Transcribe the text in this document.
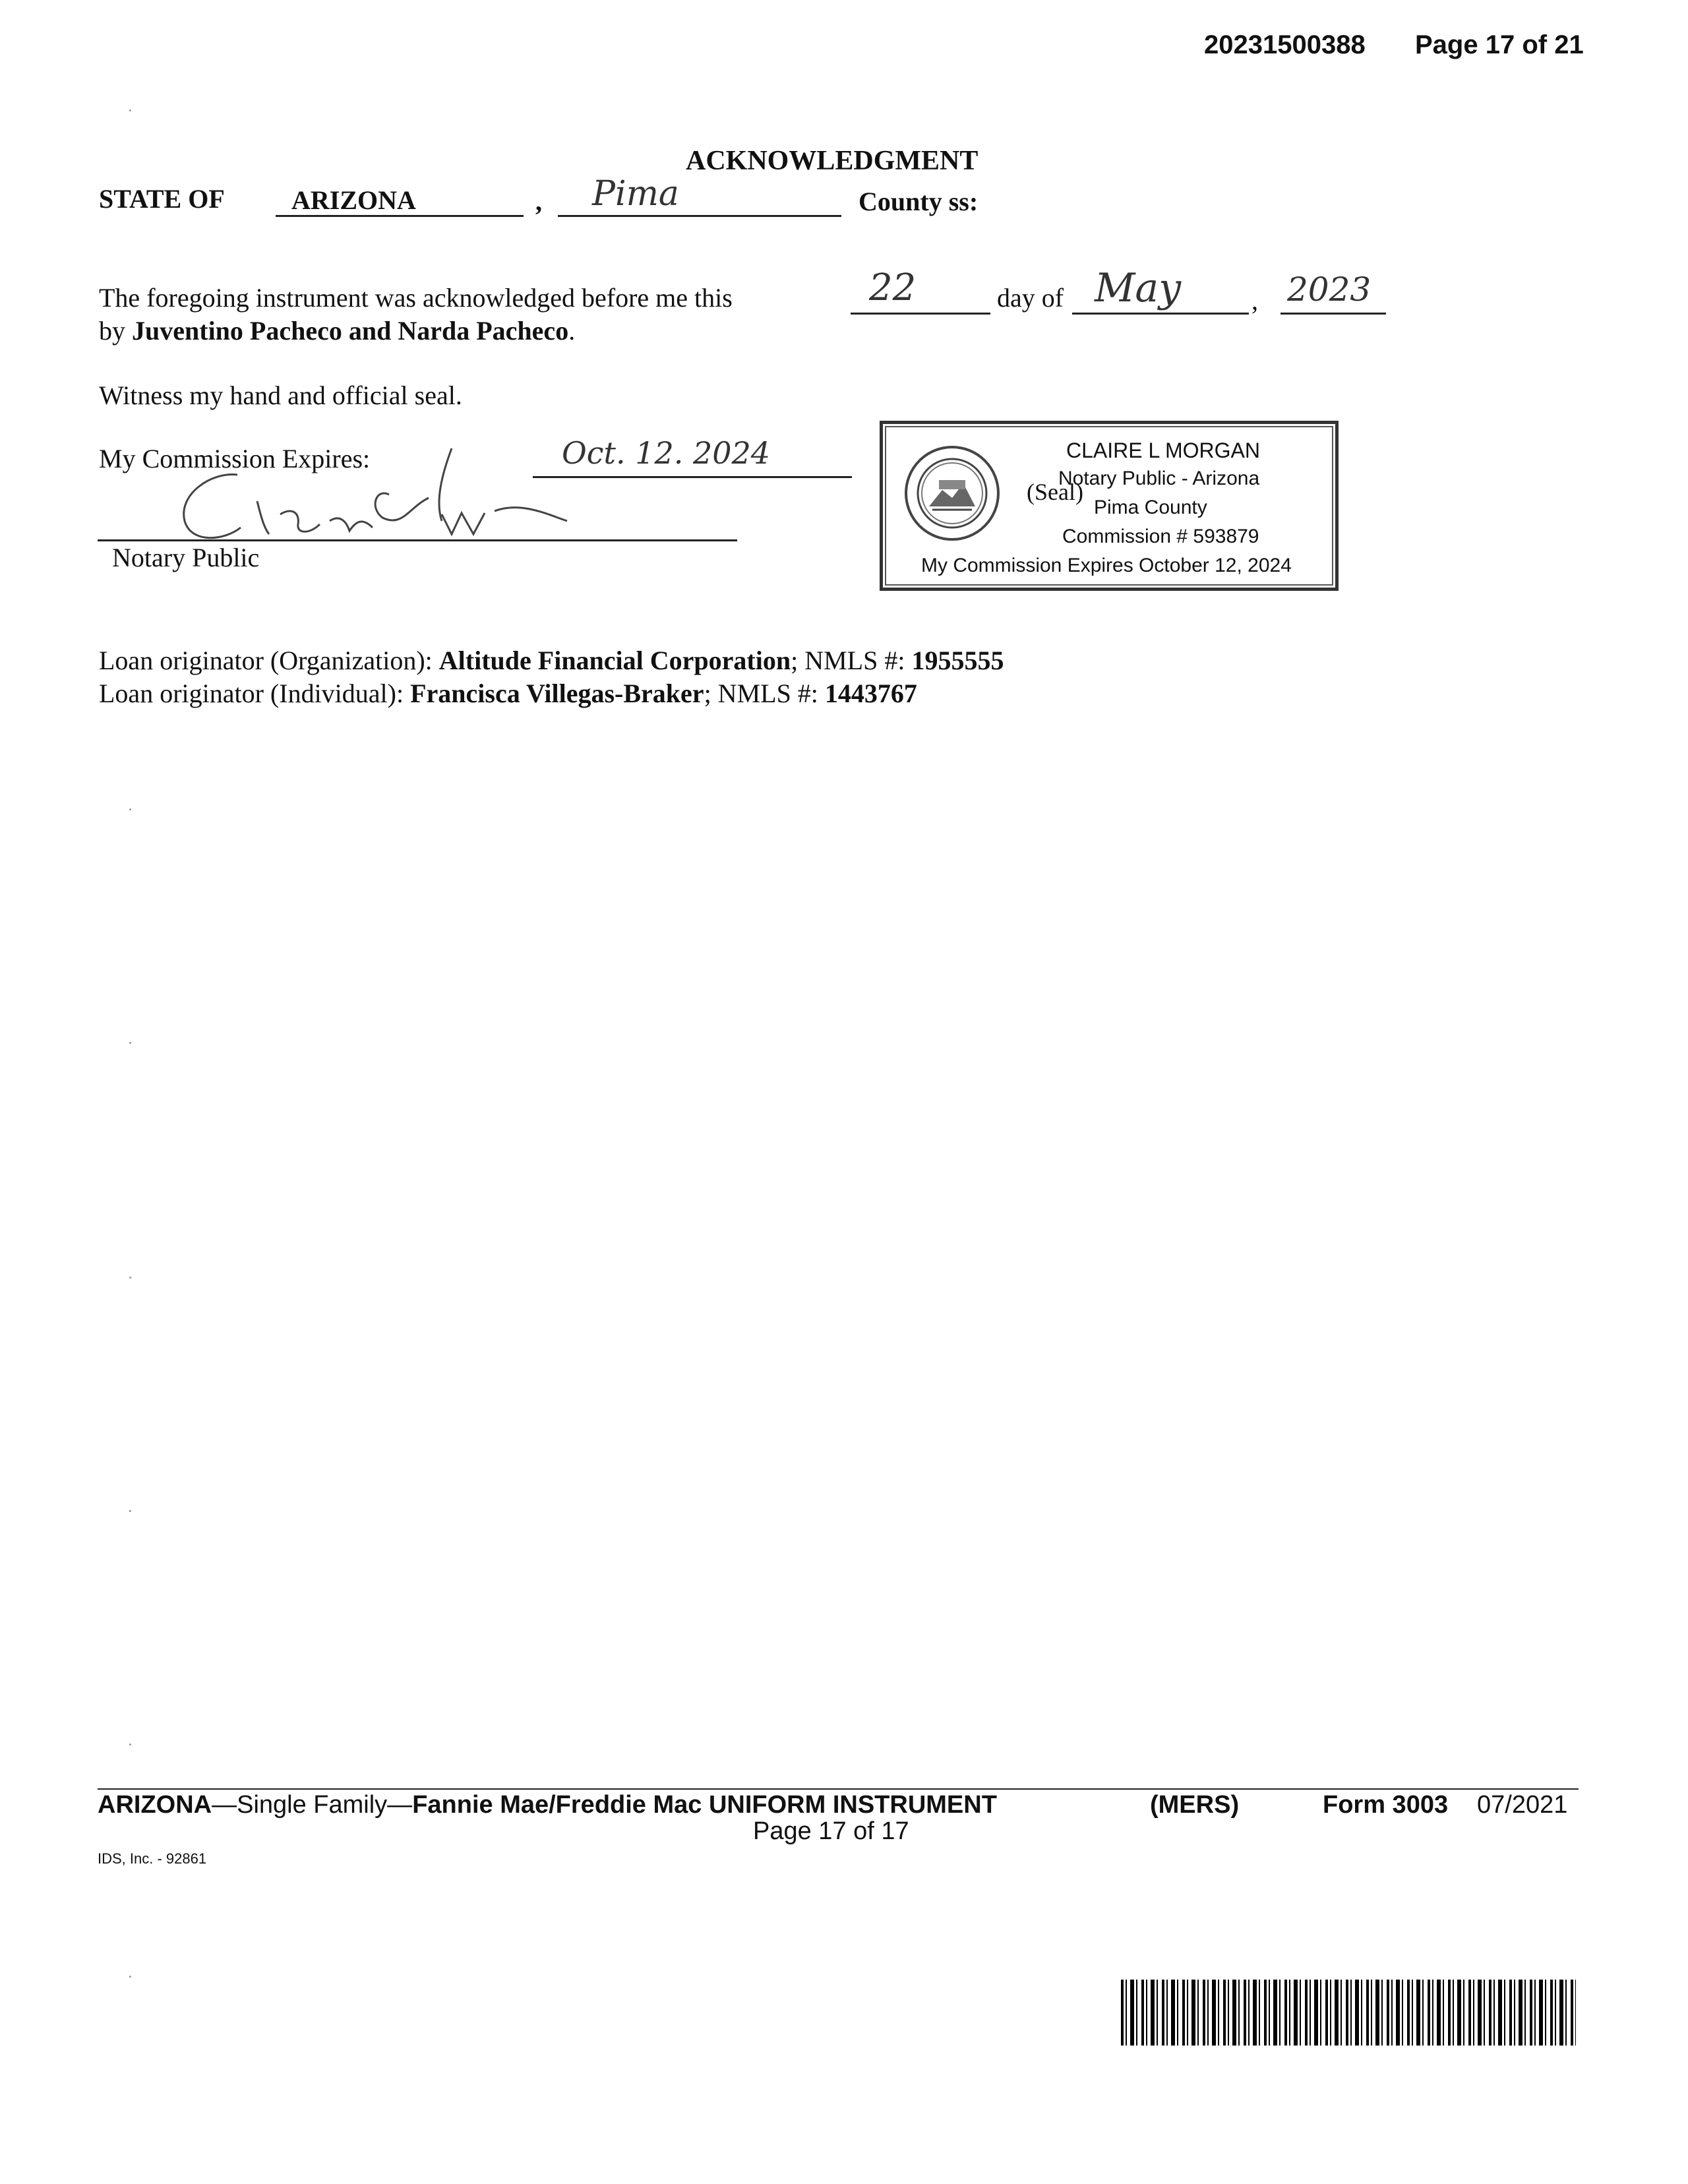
20231500388 Page 17 of 21
ACKNOWLEDGMENT
STATE OF	ARIZONA	, Pima	County ss:
The foregoing instrument was acknowledged before me this	22	day of May	, 2023
by Juventino Pacheco and Narda Pacheco.
Witness my hand and official seal.
My Commission Expires:	Oct. 12. 2024
Notary Public
CLAIRE L MORGAN
Notary Public - Arizona
(Seal)
Pima County
Commission # 593879
My Commission Expires October 12, 2024
Loan originator (Organization): Altitude Financial Corporation; NMLS #: 1955555
Loan originator (Individual): Francisca Villegas-Braker; NMLS #: 1443767
ARIZONA—Single Family—Fannie Mae/Freddie Mac UNIFORM INSTRUMENT	(MERS)	Form 3003 07/2021
Page 17 of 17
IDS, Inc. - 92861
